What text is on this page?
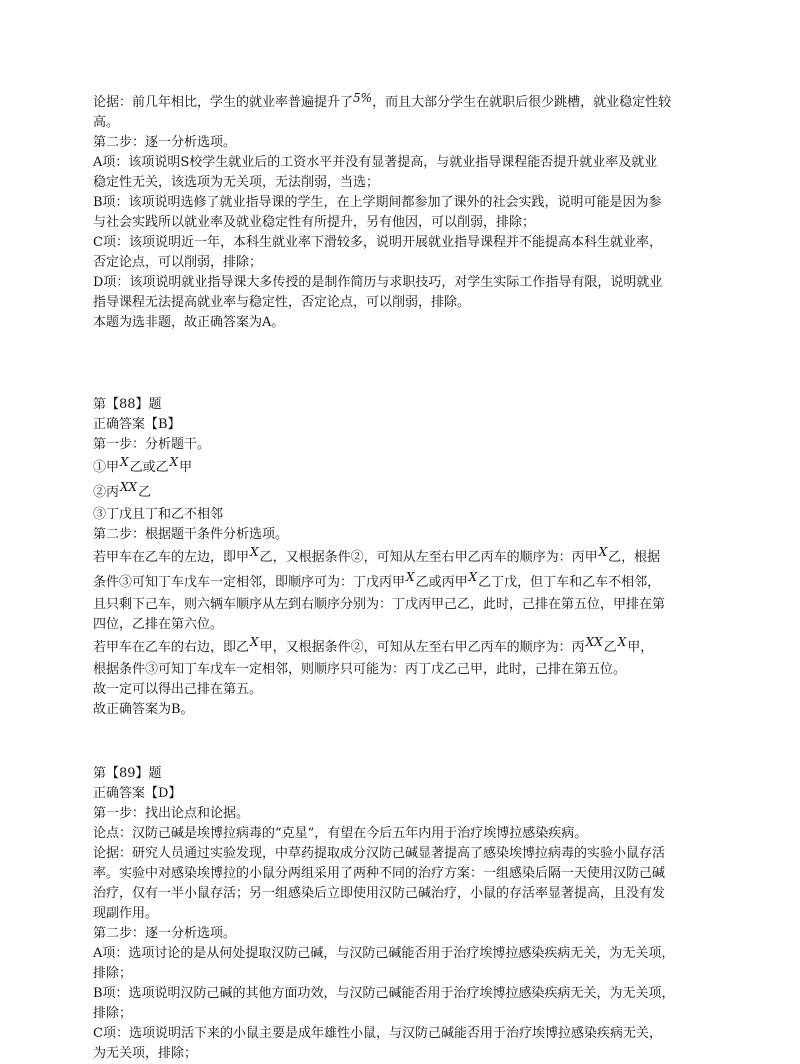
论据：前几年相比，学生的就业率普遍提升了5%，而且大部分学生在就职后很少跳槽，就业稳定性较
高。
第二步：逐一分析选项。
A项：该项说明S校学生就业后的工资水平并没有显著提高，与就业指导课程能否提升就业率及就业
稳定性无关，该选项为无关项，无法削弱，当选；
B项：该项说明选修了就业指导课的学生，在上学期间都参加了课外的社会实践，说明可能是因为参
与社会实践所以就业率及就业稳定性有所提升，另有他因，可以削弱，排除；
C项：该项说明近一年，本科生就业率下滑较多，说明开展就业指导课程并不能提高本科生就业率，
否定论点，可以削弱，排除；
D项：该项说明就业指导课大多传授的是制作简历与求职技巧，对学生实际工作指导有限，说明就业
指导课程无法提高就业率与稳定性，否定论点，可以削弱，排除。
本题为选非题，故正确答案为A。
第【88】题
正确答案【B】
第一步：分析题干。
①甲X乙或乙X甲
②丙XX乙
③丁戊且丁和乙不相邻
第二步：根据题干条件分析选项。
若甲车在乙车的左边，即甲X乙，又根据条件②，可知从左至右甲乙丙车的顺序为：丙甲X乙，根据
条件③可知丁车戊车一定相邻，即顺序可为：丁戊丙甲X乙或丙甲X乙丁戊，但丁车和乙车不相邻，
且只剩下己车，则六辆车顺序从左到右顺序分别为：丁戊丙甲己乙，此时，己排在第五位，甲排在第
四位，乙排在第六位。
若甲车在乙车的右边，即乙X甲，又根据条件②，可知从左至右甲乙丙车的顺序为：丙XX乙X甲，
根据条件③可知丁车戊车一定相邻，则顺序只可能为：丙丁戊乙己甲，此时，己排在第五位。
故一定可以得出己排在第五。
故正确答案为B。
第【89】题
正确答案【D】
第一步：找出论点和论据。
论点：汉防己碱是埃博拉病毒的“克星”，有望在今后五年内用于治疗埃博拉感染疾病。
论据：研究人员通过实验发现，中草药提取成分汉防己碱显著提高了感染埃博拉病毒的实验小鼠存活
率。实验中对感染埃博拉的小鼠分两组采用了两种不同的治疗方案：一组感染后隔一天使用汉防己碱
治疗，仅有一半小鼠存活；另一组感染后立即使用汉防己碱治疗，小鼠的存活率显著提高，且没有发
现副作用。
第二步：逐一分析选项。
A项：选项讨论的是从何处提取汉防己碱，与汉防己碱能否用于治疗埃博拉感染疾病无关，为无关项，
排除；
B项：选项说明汉防己碱的其他方面功效，与汉防己碱能否用于治疗埃博拉感染疾病无关，为无关项，
排除；
C项：选项说明活下来的小鼠主要是成年雄性小鼠，与汉防己碱能否用于治疗埃博拉感染疾病无关，
为无关项，排除；
